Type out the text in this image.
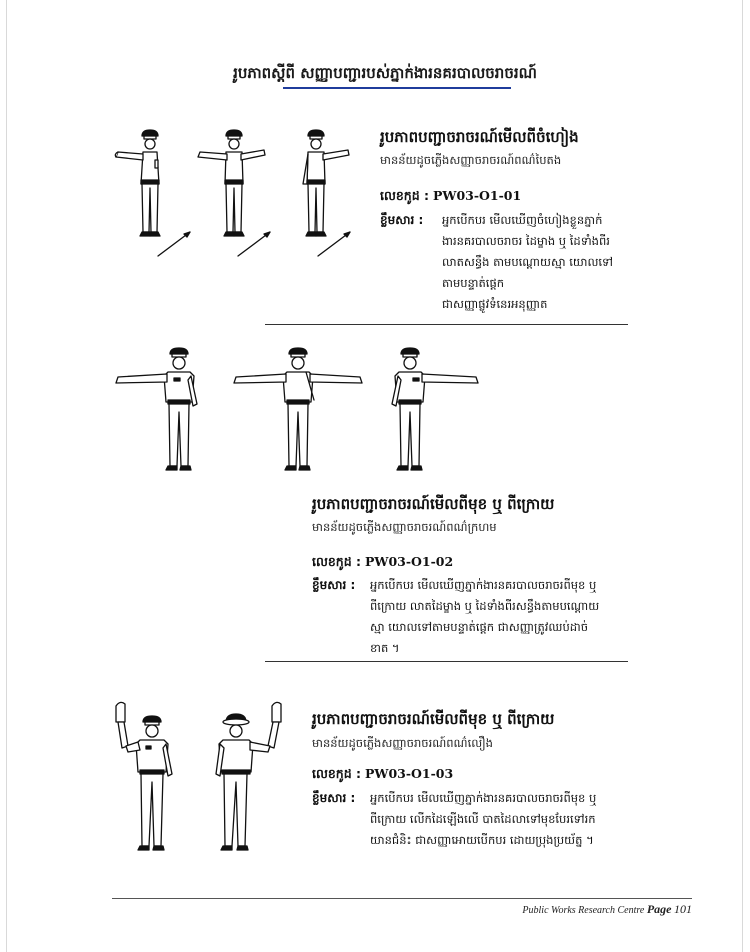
រូបភាពស្តីពី សញ្ញាបញ្ជារបស់ភ្នាក់ងារនគរបាលចរាចរណ៍
រូបភាពបញ្ជាចរាចរណ៍មើលពីចំហៀង
មានន័យដូចភ្លើងសញ្ញាចរាចរណ៍ពណ៌បៃតង
លេខកូដ : PW03-O1-01
ខ្លឹមសារ : អ្នកបើកបរ មើលឃើញចំហៀងខ្លួនភ្នាក់
ងារនគរបាលចរាចរ ដៃម្ខាង ឬ ដៃទាំងពីរ
លាតសន្ធឹង តាមបណ្តោយស្មា យោលទៅ
តាមបន្ទាត់ផ្តេក
ជាសញ្ញាផ្លូវទំនេរអនុញ្ញាត
រូបភាពបញ្ជាចរាចរណ៍មើលពីមុខ ឬ ពីក្រោយ
មានន័យដូចភ្លើងសញ្ញាចរាចរណ៍ពណ៌ក្រហម
លេខកូដ : PW03-O1-02
ខ្លឹមសារ : អ្នកបើកបរ មើលឃើញភ្នាក់ងារនគរបាលចរាចរពីមុខ ឬ
ពីក្រោយ លាតដៃម្ខាង ឬ ដៃទាំងពីរសន្ធឹងតាមបណ្តោយ
ស្មា យោលទៅតាមបន្ទាត់ផ្តេក ជាសញ្ញាត្រូវឈប់ដាច់
ខាត ។
រូបភាពបញ្ជាចរាចរណ៍មើលពីមុខ ឬ ពីក្រោយ
មានន័យដូចភ្លើងសញ្ញាចរាចរណ៍ពណ៌លឿង
លេខកូដ : PW03-O1-03
ខ្លឹមសារ : អ្នកបើកបរ មើលឃើញភ្នាក់ងារនគរបាលចរាចរពីមុខ ឬ
ពីក្រោយ លើកដៃឡើងលើ បាតដៃលាទៅមុខបែរទៅរក
យានជំនិះ ជាសញ្ញាអោយបើកបរ ដោយប្រុងប្រយ័ត្ន ។
Public Works Research Centre Page 101
